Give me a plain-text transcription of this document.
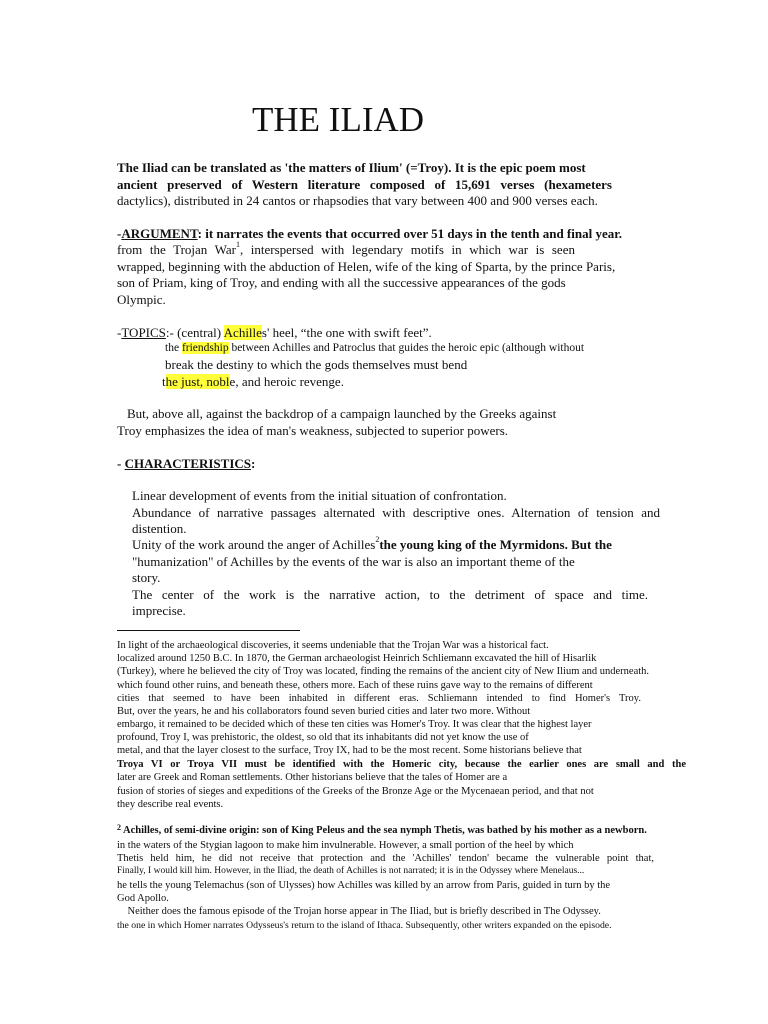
THE ILIAD
The Iliad can be translated as 'the matters of Ilium' (=Troy). It is the epic poem most
ancient preserved of Western literature composed of 15,691 verses (hexameters
dactylics), distributed in 24 cantos or rhapsodies that vary between 400 and 900 verses each.
-ARGUMENT: it narrates the events that occurred over 51 days in the tenth and final year.
from the Trojan War$^1$, interspersed with legendary motifs in which war is seen
wrapped, beginning with the abduction of Helen, wife of the king of Sparta, by the prince Paris,
son of Priam, king of Troy, and ending with all the successive appearances of the gods
Olympic.
-TOPICS:- (central) Achilles' heel, “the one with swift feet”.
the friendship between Achilles and Patroclus that guides the heroic epic (although without
break the destiny to which the gods themselves must bend
the just, noble, and heroic revenge.
But, above all, against the backdrop of a campaign launched by the Greeks against
Troy emphasizes the idea of man's weakness, subjected to superior powers.
- CHARACTERISTICS:
Linear development of events from the initial situation of confrontation.
Abundance of narrative passages alternated with descriptive ones. Alternation of tension and
distention.
Unity of the work around the anger of Achilles$^2$the young king of the Myrmidons. But the
"humanization" of Achilles by the events of the war is also an important theme of the
story.
The center of the work is the narrative action, to the detriment of space and time.
imprecise.
In light of the archaeological discoveries, it seems undeniable that the Trojan War was a historical fact.
localized around 1250 B.C. In 1870, the German archaeologist Heinrich Schliemann excavated the hill of Hisarlik
(Turkey), where he believed the city of Troy was located, finding the remains of the ancient city of New Ilium and underneath.
which found other ruins, and beneath these, others more. Each of these ruins gave way to the remains of different
cities that seemed to have been inhabited in different eras. Schliemann intended to find Homer's Troy.
But, over the years, he and his collaborators found seven buried cities and later two more. Without
embargo, it remained to be decided which of these ten cities was Homer's Troy. It was clear that the highest layer
profound, Troy I, was prehistoric, the oldest, so old that its inhabitants did not yet know the use of
metal, and that the layer closest to the surface, Troy IX, had to be the most recent. Some historians believe that
Troya VI or Troya VII must be identified with the Homeric city, because the earlier ones are small and the
later are Greek and Roman settlements. Other historians believe that the tales of Homer are a
fusion of stories of sieges and expeditions of the Greeks of the Bronze Age or the Mycenaean period, and that not
they describe real events.
$^2$ Achilles, of semi-divine origin: son of King Peleus and the sea nymph Thetis, was bathed by his mother as a newborn.
in the waters of the Stygian lagoon to make him invulnerable. However, a small portion of the heel by which
Thetis held him, he did not receive that protection and the 'Achilles' tendon' became the vulnerable point that,
Finally, I would kill him. However, in the Iliad, the death of Achilles is not narrated; it is in the Odyssey where Menelaus...
he tells the young Telemachus (son of Ulysses) how Achilles was killed by an arrow from Paris, guided in turn by the
God Apollo.
Neither does the famous episode of the Trojan horse appear in The Iliad, but is briefly described in The Odyssey.
the one in which Homer narrates Odysseus's return to the island of Ithaca. Subsequently, other writers expanded on the episode.
